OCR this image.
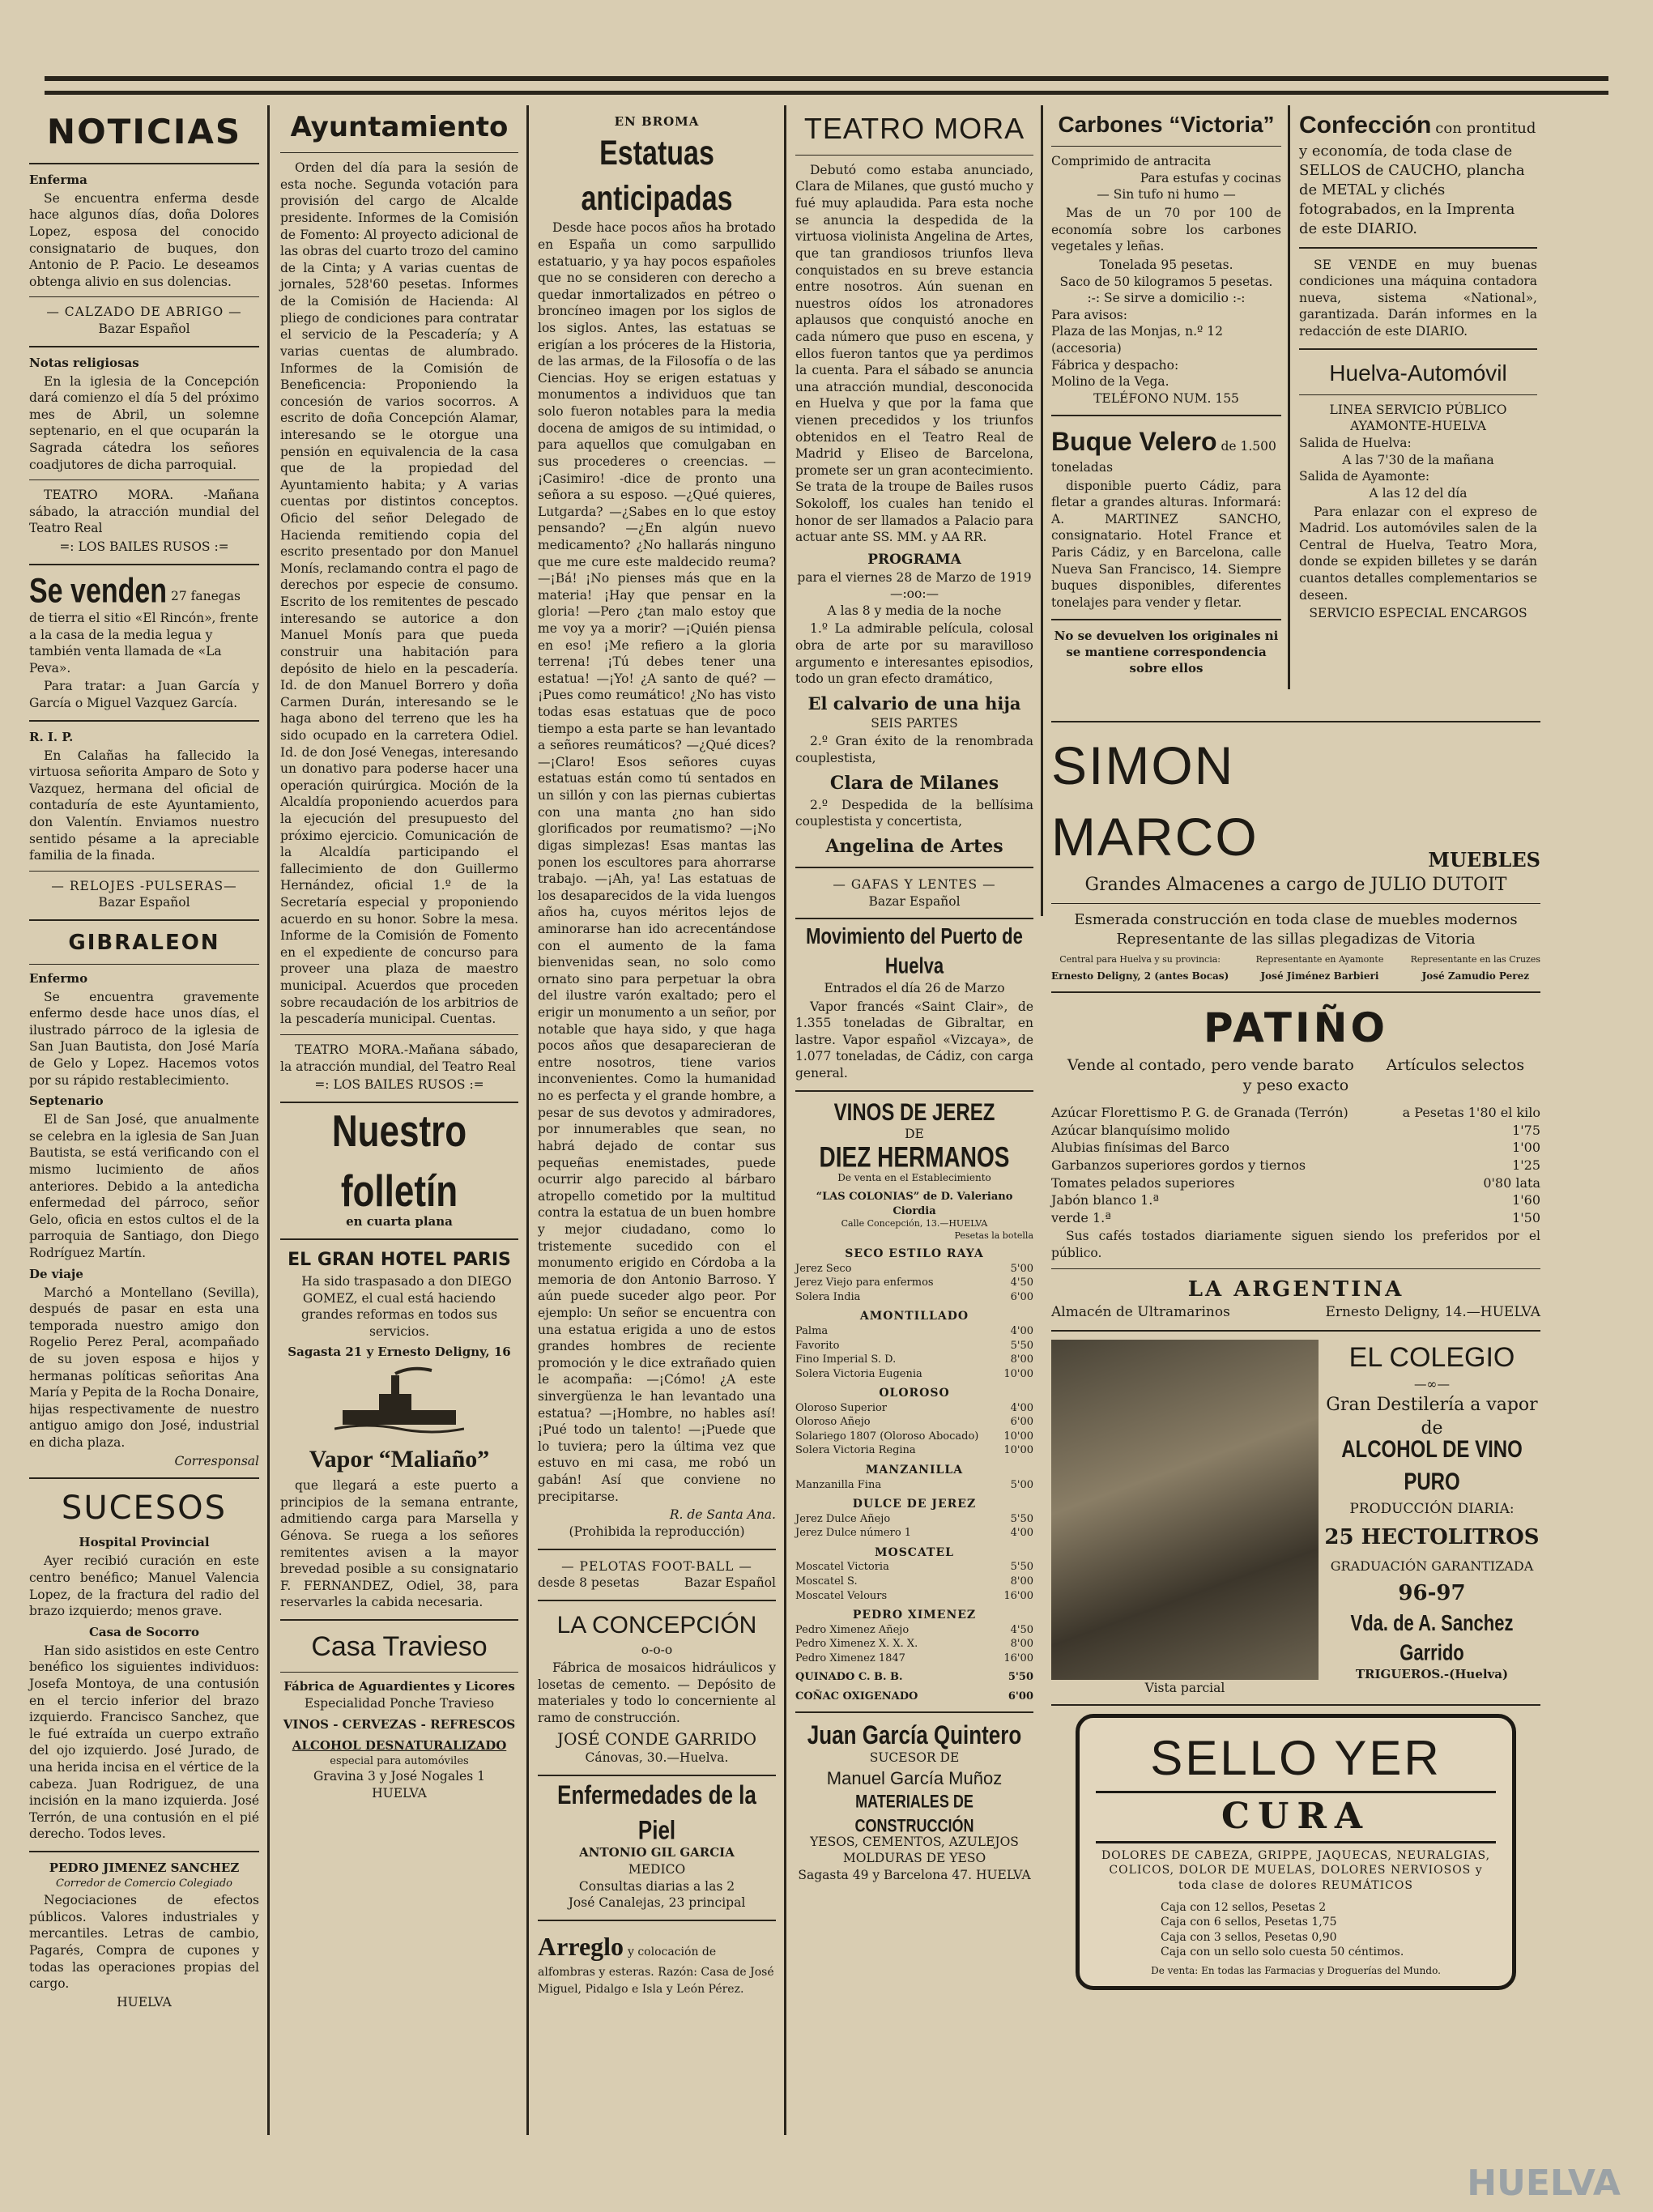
NOTICIAS
Enferma

Se encuentra enferma desde hace algunos días, doña Dolores Lopez, esposa del conocido consignatario de buques, don Antonio de P. Pacio. Le deseamos obtenga alivio en sus dolencias.

— CALZADO DE ABRIGO —
Bazar Español
Notas religiosas

En la iglesia de la Concepción dará comienzo el día 5 del próximo mes de Abril, un solemne septenario, en el que ocuparán la Sagrada cátedra los señores coadjutores de dicha parroquial.

TEATRO MORA. -Mañana sábado, la atracción mundial del Teatro Real

=: LOS BAILES RUSOS :=
Se venden 27 fanegas de tierra el sitio «El Rincón», frente a la casa de la media legua y también venta llamada de «La Peva».

Para tratar: a Juan García y García o Miguel Vazquez García.

R. I. P.

En Calañas ha fallecido la virtuosa señorita Amparo de Soto y Vazquez, hermana del oficial de contaduría de este Ayuntamiento, don Valentín. Enviamos nuestro sentido pésame a la apreciable familia de la finada.

— RELOJES -PULSERAS—
Bazar Español
GIBRALEON
Enfermo

Se encuentra gravemente enfermo desde hace unos días, el ilustrado párroco de la iglesia de San Juan Bautista, don José María de Gelo y Lopez. Hacemos votos por su rápido restablecimiento.

Septenario

El de San José, que anualmente se celebra en la iglesia de San Juan Bautista, se está verificando con el mismo lucimiento de años anteriores. Debido a la antedicha enfermedad del párroco, señor Gelo, oficia en estos cultos el de la parroquia de Santiago, don Diego Rodríguez Martín.

De viaje

Marchó a Montellano (Sevilla), después de pasar en esta una temporada nuestro amigo don Rogelio Perez Peral, acompañado de su joven esposa e hijos y hermanas políticas señoritas Ana María y Pepita de la Rocha Donaire, hijas respectivamente de nuestro antiguo amigo don José, industrial en dicha plaza.

Corresponsal
SUCESOS
Hospital Provincial

Ayer recibió curación en este centro benéfico; Manuel Valencia Lopez, de la fractura del radio del brazo izquierdo; menos grave.

Casa de Socorro

Han sido asistidos en este Centro benéfico los siguientes individuos: Josefa Montoya, de una contusión en el tercio inferior del brazo izquierdo. Francisco Sanchez, que le fué extraída un cuerpo extraño del ojo izquierdo. José Jurado, de una herida incisa en el vértice de la cabeza. Juan Rodriguez, de una incisión en la mano izquierda. José Terrón, de una contusión en el pié derecho. Todos leves.

PEDRO JIMENEZ SANCHEZ
Corredor de Comercio Colegiado

Negociaciones de efectos públicos. Valores industriales y mercantiles. Letras de cambio, Pagarés, Compra de cupones y todas las operaciones propias del cargo.

HUELVA
Ayuntamiento

Orden del día para la sesión de esta noche. Segunda votación para provisión del cargo de Alcalde presidente. Informes de la Comisión de Fomento: Al proyecto adicional de las obras del cuarto trozo del camino de la Cinta; y A varias cuentas de jornales, 528'60 pesetas. Informes de la Comisión de Hacienda: Al pliego de condiciones para contratar el servicio de la Pescadería; y A varias cuentas de alumbrado. Informes de la Comisión de Beneficencia: Proponiendo la concesión de varios socorros. A escrito de doña Concepción Alamar, interesando se le otorgue una pensión en equivalencia de la casa que de la propiedad del Ayuntamiento habita; y A varias cuentas por distintos conceptos. Oficio del señor Delegado de Hacienda remitiendo copia del escrito presentado por don Manuel Monís, reclamando contra el pago de derechos por especie de consumo. Escrito de los remitentes de pescado interesando se autorice a don Manuel Monís para que pueda construir una habitación para depósito de hielo en la pescadería. Id. de don Manuel Borrero y doña Carmen Durán, interesando se le haga abono del terreno que les ha sido ocupado en la carretera Odiel. Id. de don José Venegas, interesando un donativo para poderse hacer una operación quirúrgica. Moción de la Alcaldía proponiendo acuerdos para la ejecución del presupuesto del próximo ejercicio. Comunicación de la Alcaldía participando el fallecimiento de don Guillermo Hernández, oficial 1.º de la Secretaría especial y proponiendo acuerdo en su honor. Sobre la mesa. Informe de la Comisión de Fomento en el expediente de concurso para proveer una plaza de maestro municipal. Acuerdos que proceden sobre recaudación de los arbitrios de la pescadería municipal. Cuentas.

TEATRO MORA.-Mañana sábado, la atracción mundial, del Teatro Real

=: LOS BAILES RUSOS :=
Nuestro folletín
en cuarta plana
EL GRAN HOTEL PARIS

Ha sido traspasado a don DIEGO GOMEZ, el cual está haciendo grandes reformas en todos sus servicios.

Sagasta 21 y Ernesto Deligny, 16
Vapor “Maliaño”

que llegará a este puerto a principios de la semana entrante, admitiendo carga para Marsella y Génova. Se ruega a los señores remitentes avisen a la mayor brevedad posible a su consignatario F. FERNANDEZ, Odiel, 38, para reservarles la cabida necesaria.

Casa Travieso
Fábrica de Aguardientes y Licores
Especialidad Ponche Travieso
VINOS - CERVEZAS - REFRESCOS
ALCOHOL DESNATURALIZADO
especial para automóviles
Gravina 3 y José Nogales 1
HUELVA
EN BROMA
Estatuas anticipadas

Desde hace pocos años ha brotado en España un como sarpullido estatuario, y ya hay pocos españoles que no se consideren con derecho a quedar inmortalizados en pétreo o broncíneo imagen por los siglos de los siglos. Antes, las estatuas se erigían a los próceres de la Historia, de las armas, de la Filosofía o de las Ciencias. Hoy se erigen estatuas y monumentos a individuos que tan solo fueron notables para la media docena de amigos de su intimidad, o para aquellos que comulgaban en sus procederes o creencias. —¡Casimiro! -dice de pronto una señora a su esposo. —¿Qué quieres, Lutgarda? —¿Sabes en lo que estoy pensando? —¿En algún nuevo medicamento? ¿No hallarás ninguno que me cure este maldecido reuma? —¡Bá! ¡No pienses más que en la materia! ¡Hay que pensar en la gloria! —Pero ¿tan malo estoy que me voy ya a morir? —¡Quién piensa en eso! ¡Me refiero a la gloria terrena! ¡Tú debes tener una estatua! —¡Yo! ¿A santo de qué? —¡Pues como reumático! ¿No has visto todas esas estatuas que de poco tiempo a esta parte se han levantado a señores reumáticos? —¿Qué dices? —¡Claro! Esos señores cuyas estatuas están como tú sentados en un sillón y con las piernas cubiertas con una manta ¿no han sido glorificados por reumatismo? —¡No digas simplezas! Esas mantas las ponen los escultores para ahorrarse trabajo. —¡Ah, ya! Las estatuas de los desaparecidos de la vida luengos años ha, cuyos méritos lejos de aminorarse han ido acrecentándose con el aumento de la fama bienvenidas sean, no solo como ornato sino para perpetuar la obra del ilustre varón exaltado; pero el erigir un monumento a un señor, por notable que haya sido, y que haga pocos años que desaparecieran de entre nosotros, tiene varios inconvenientes. Como la humanidad no es perfecta y el grande hombre, a pesar de sus devotos y admiradores, por innumerables que sean, no habrá dejado de contar sus pequeñas enemistades, puede ocurrir algo parecido al bárbaro atropello cometido por la multitud contra la estatua de un buen hombre y mejor ciudadano, como lo tristemente sucedido con el monumento erigido en Córdoba a la memoria de don Antonio Barroso. Y aún puede suceder algo peor. Por ejemplo: Un señor se encuentra con una estatua erigida a uno de estos grandes hombres de reciente promoción y le dice extrañado quien le acompaña: —¡Cómo! ¿A este sinvergüenza le han levantado una estatua? —¡Hombre, no hables así! ¡Pué todo un talento! —¡Puede que lo tuviera; pero la última vez que estuvo en mi casa, me robó un gabán! Así que conviene no precipitarse.

R. de Santa Ana.
(Prohibida la reproducción)
— PELOTAS FOOT-BALL —
desde 8 pesetas	Bazar Español
LA CONCEPCIÓN
o-o-o

Fábrica de mosaicos hidráulicos y losetas de cemento. — Depósito de materiales y todo lo concerniente al ramo de construcción.

JOSÉ CONDE GARRIDO
Cánovas, 30.—Huelva.
Enfermedades de la Piel
ANTONIO GIL GARCIA
MEDICO
Consultas diarias a las 2
José Canalejas, 23 principal
Arreglo y colocación de alfombras y esteras. Razón: Casa de José Miguel, Pidalgo e Isla y León Pérez.
TEATRO MORA

Debutó como estaba anunciado, Clara de Milanes, que gustó mucho y fué muy aplaudida. Para esta noche se anuncia la despedida de la virtuosa violinista Angelina de Artes, que tan grandiosos triunfos lleva conquistados en su breve estancia entre nosotros. Aún suenan en nuestros oídos los atronadores aplausos que conquistó anoche en cada número que puso en escena, y ellos fueron tantos que ya perdimos la cuenta. Para el sábado se anuncia una atracción mundial, desconocida en Huelva y que por la fama que vienen precedidos y los triunfos obtenidos en el Teatro Real de Madrid y Eliseo de Barcelona, promete ser un gran acontecimiento. Se trata de la troupe de Bailes rusos Sokoloff, los cuales han tenido el honor de ser llamados a Palacio para actuar ante SS. MM. y AA RR.

PROGRAMA
para el viernes 28 de Marzo de 1919
—:oo:—
A las 8 y media de la noche

1.º La admirable película, colosal obra de arte por su maravilloso argumento e interesantes episodios, todo un gran efecto dramático,

El calvario de una hija
SEIS PARTES

2.º Gran éxito de la renombrada couplestista,

Clara de Milanes

2.º Despedida de la bellísima couplestista y concertista,

Angelina de Artes
— GAFAS Y LENTES —
Bazar Español
Movimiento del Puerto de Huelva
Entrados el día 26 de Marzo

Vapor francés «Saint Clair», de 1.355 toneladas de Gibraltar, en lastre. Vapor español «Vizcaya», de 1.077 toneladas, de Cádiz, con carga general.

VINOS DE JEREZ
DE
DIEZ HERMANOS
De venta en el Establecimiento
“LAS COLONIAS” de D. Valeriano Ciordia
Calle Concepción, 13.—HUELVA
Pesetas la botella
SECO ESTILO RAYA
Jerez Seco	5'00
Jerez Viejo para enfermos	4'50
Solera India	6'00
AMONTILLADO
Palma	4'00
Favorito	5'50
Fino Imperial S. D.	8'00
Solera Victoria Eugenia	10'00
OLOROSO
Oloroso Superior	4'00
Oloroso Añejo	6'00
Solariego 1807 (Oloroso Abocado) 10'00
Solera Victoria Regina	10'00
MANZANILLA
Manzanilla Fina	5'00
DULCE DE JEREZ
Jerez Dulce Añejo	5'50
Jerez Dulce número 1	4'00
MOSCATEL
Moscatel Victoria	5'50
Moscatel S.	8'00
Moscatel Velours	16'00
PEDRO XIMENEZ
Pedro Ximenez Añejo	4'50
Pedro Ximenez X. X. X.	8'00
Pedro Ximenez 1847	16'00
QUINADO C. B. B.	5'50
COÑAC OXIGENADO	6'00
Juan García Quintero
SUCESOR DE
Manuel García Muñoz
MATERIALES DE CONSTRUCCIÓN
YESOS, CEMENTOS, AZULEJOS
MOLDURAS DE YESO
Sagasta 49 y Barcelona 47. HUELVA
Carbones “Victoria”
Comprimido de antracita
Para estufas y cocinas
— Sin tufo ni humo —

Mas de un 70 por 100 de economía sobre los carbones vegetales y leñas.

Tonelada 95 pesetas.
Saco de 50 kilogramos 5 pesetas.
:-: Se sirve a domicilio :-:
Para avisos:
Plaza de las Monjas, n.º 12 (accesoria)
Fábrica y despacho:
Molino de la Vega.
TELÉFONO NUM. 155
Buque Velero de 1.500 toneladas

disponible puerto Cádiz, para fletar a grandes alturas. Informará: A. MARTINEZ SANCHO, consignatario. Hotel France et Paris Cádiz, y en Barcelona, calle Nueva San Francisco, 14. Siempre buques disponibles, diferentes tonelajes para vender y fletar.

No se devuelven los originales ni se mantiene correspondencia sobre ellos
Confección con prontitud y economía, de toda clase de SELLOS de CAUCHO, plancha de METAL y clichés fotograbados, en la Imprenta de este DIARIO.

SE VENDE en muy buenas condiciones una máquina contadora nueva, sistema «National», garantizada. Darán informes en la redacción de este DIARIO.

Huelva-Automóvil
LINEA SERVICIO PÚBLICO
AYAMONTE-HUELVA
Salida de Huelva:
A las 7'30 de la mañana
Salida de Ayamonte:
A las 12 del día

Para enlazar con el expreso de Madrid. Los automóviles salen de la Central de Huelva, Teatro Mora, donde se expiden billetes y se darán cuantos detalles complementarios se deseen.

SERVICIO ESPECIAL ENCARGOS
SIMON MARCO	MUEBLES
Grandes Almacenes a cargo de JULIO DUTOIT
Esmerada construcción en toda clase de muebles modernos
Representante de las sillas plegadizas de Vitoria
Central para Huelva y su provincia:
Ernesto Deligny, 2 (antes Bocas)
Representante en Ayamonte
José Jiménez Barbieri
Representante en las Cruzes
José Zamudio Perez
PATIÑO
Vende al contado, pero vende barato Artículos selectos
y peso exacto
Azúcar Florettismo P. G. de Granada (Terrón)	a Pesetas 1'80 el kilo
Azúcar blanquísimo molido	1'75
Alubias finísimas del Barco	1'00
Garbanzos superiores gordos y tiernos	1'25
Tomates pelados superiores	0'80 lata
Jabón blanco 1.ª	1'60
verde 1.ª	1'50

Sus cafés tostados diariamente siguen siendo los preferidos por el público.

LA ARGENTINA
Almacén de Ultramarinos	Ernesto Deligny, 14.—HUELVA
Vista parcial
EL COLEGIO
—∞—
Gran Destilería a vapor de
ALCOHOL DE VINO PURO
PRODUCCIÓN DIARIA:
25 HECTOLITROS
GRADUACIÓN GARANTIZADA
96-97
Vda. de A. Sanchez Garrido
TRIGUEROS.-(Huelva)
SELLO YER
CURA
DOLORES DE CABEZA, GRIPPE, JAQUECAS, NEURALGIAS, COLICOS, DOLOR DE MUELAS, DOLORES NERVIOSOS y toda clase de dolores REUMÁTICOS
Caja con 12 sellos, Pesetas 2
Caja con 6 sellos, Pesetas 1,75
Caja con 3 sellos, Pesetas 0,90
Caja con un sello solo cuesta 50 céntimos.
De venta: En todas las Farmacias y Droguerías del Mundo.
HUELVA
